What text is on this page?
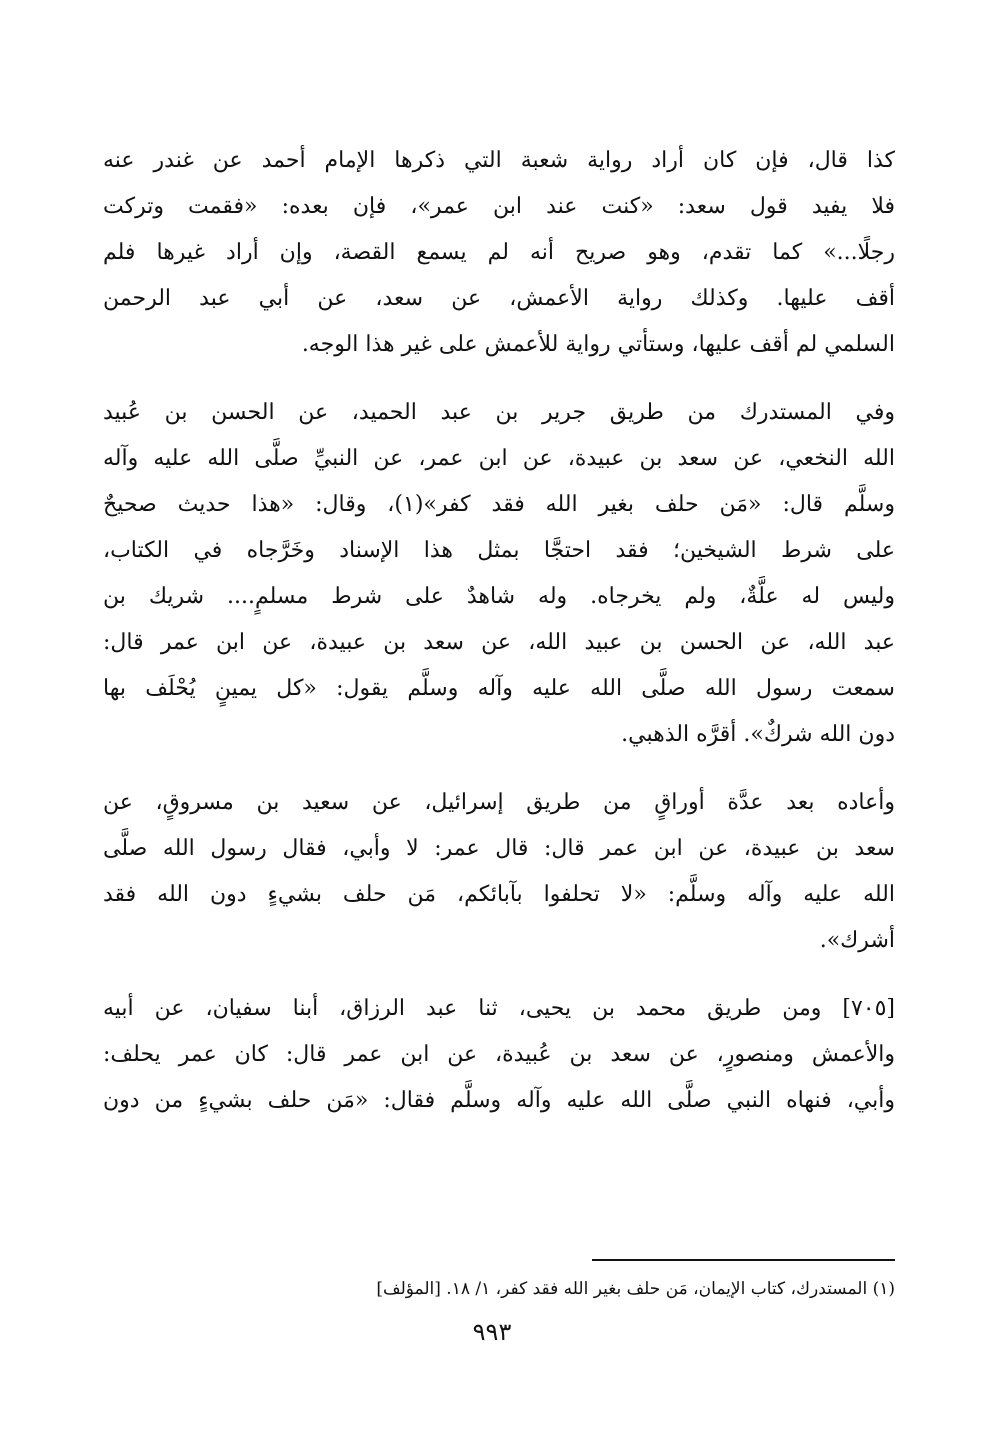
كذا قال، فإن كان أراد رواية شعبة التي ذكرها الإمام أحمد عن غندر عنه
فلا يفيد قول سعد: «كنت عند ابن عمر»، فإن بعده: «فقمت وتركت
رجلًا...» كما تقدم، وهو صريح أنه لم يسمع القصة، وإن أراد غيرها فلم
أقف عليها. وكذلك رواية الأعمش، عن سعد، عن أبي عبد الرحمن
السلمي لم أقف عليها، وستأتي رواية للأعمش على غير هذا الوجه.
وفي المستدرك من طريق جرير بن عبد الحميد، عن الحسن بن عُبيد
الله النخعي، عن سعد بن عبيدة، عن ابن عمر، عن النبيِّ صلَّى الله عليه وآله
وسلَّم قال: «مَن حلف بغير الله فقد كفر»(١)، وقال: «هذا حديث صحيحٌ
على شرط الشيخين؛ فقد احتجَّا بمثل هذا الإسناد وخَرَّجاه في الكتاب،
وليس له علَّةٌ، ولم يخرجاه. وله شاهدٌ على شرط مسلمٍ.... شريك بن
عبد الله، عن الحسن بن عبيد الله، عن سعد بن عبيدة، عن ابن عمر قال:
سمعت رسول الله صلَّى الله عليه وآله وسلَّم يقول: «كل يمينٍ يُحْلَف بها
دون الله شركٌ». أقرَّه الذهبي.
وأعاده بعد عدَّة أوراقٍ من طريق إسرائيل، عن سعيد بن مسروقٍ، عن
سعد بن عبيدة، عن ابن عمر قال: قال عمر: لا وأبي، فقال رسول الله صلَّى
الله عليه وآله وسلَّم: «لا تحلفوا بآبائكم، مَن حلف بشيءٍ دون الله فقد
أشرك».
[٧٠٥] ومن طريق محمد بن يحيى، ثنا عبد الرزاق، أبنا سفيان، عن أبيه
والأعمش ومنصورٍ، عن سعد بن عُبيدة، عن ابن عمر قال: كان عمر يحلف:
وأبي، فنهاه النبي صلَّى الله عليه وآله وسلَّم فقال: «مَن حلف بشيءٍ من دون
(١) المستدرك، كتاب الإيمان، مَن حلف بغير الله فقد كفر، ١/ ١٨. [المؤلف]
٩٩٣
